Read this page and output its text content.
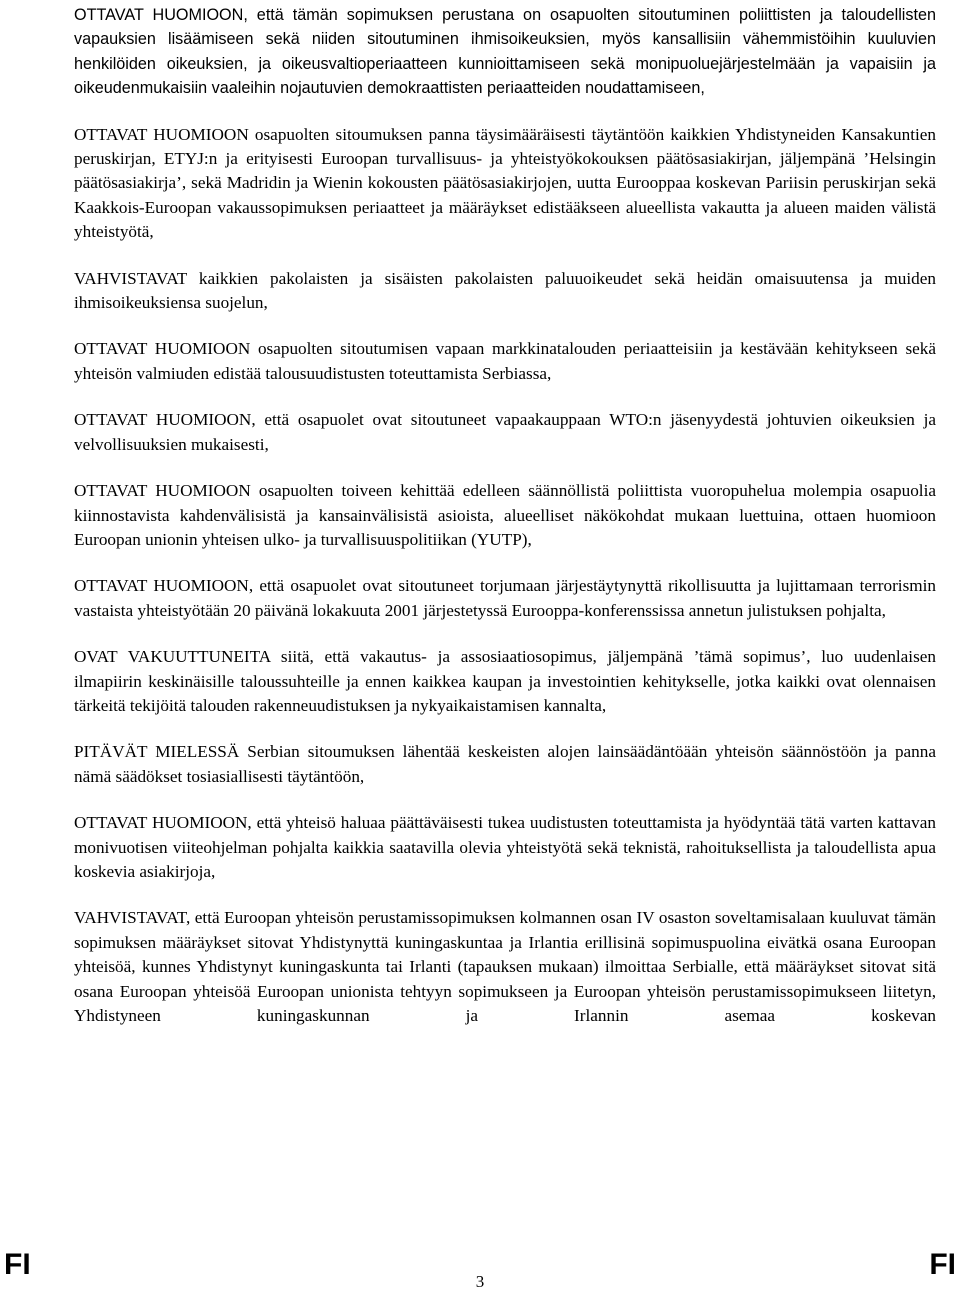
OTTAVAT HUOMIOON, että tämän sopimuksen perustana on osapuolten sitoutuminen poliittisten ja taloudellisten vapauksien lisäämiseen sekä niiden sitoutuminen ihmisoikeuksien, myös kansallisiin vähemmistöihin kuuluvien henkilöiden oikeuksien, ja oikeusvaltioperiaatteen kunnioittamiseen sekä monipuoluejärjestelmään ja vapaisiin ja oikeudenmukaisiin vaaleihin nojautuvien demokraattisten periaatteiden noudattamiseen,

OTTAVAT HUOMIOON osapuolten sitoumuksen panna täysimääräisesti täytäntöön kaikkien Yhdistyneiden Kansakuntien peruskirjan, ETYJ:n ja erityisesti Euroopan turvallisuus- ja yhteistyökokouksen päätösasiakirjan, jäljempänä ’Helsingin päätösasiakirja’, sekä Madridin ja Wienin kokousten päätösasiakirjojen, uutta Eurooppaa koskevan Pariisin peruskirjan sekä Kaakkois-Euroopan vakaussopimuksen periaatteet ja määräykset edistääkseen alueellista vakautta ja alueen maiden välistä yhteistyötä,

VAHVISTAVAT kaikkien pakolaisten ja sisäisten pakolaisten paluuoikeudet sekä heidän omaisuutensa ja muiden ihmisoikeuksiensa suojelun,

OTTAVAT HUOMIOON osapuolten sitoutumisen vapaan markkinatalouden periaatteisiin ja kestävään kehitykseen sekä yhteisön valmiuden edistää talousuudistusten toteuttamista Serbiassa,

OTTAVAT HUOMIOON, että osapuolet ovat sitoutuneet vapaakauppaan WTO:n jäsenyydestä johtuvien oikeuksien ja velvollisuuksien mukaisesti,

OTTAVAT HUOMIOON osapuolten toiveen kehittää edelleen säännöllistä poliittista vuoropuhelua molempia osapuolia kiinnostavista kahdenvälisistä ja kansainvälisistä asioista, alueelliset näkökohdat mukaan luettuina, ottaen huomioon Euroopan unionin yhteisen ulko- ja turvallisuuspolitiikan (YUTP),

OTTAVAT HUOMIOON, että osapuolet ovat sitoutuneet torjumaan järjestäytynyttä rikollisuutta ja lujittamaan terrorismin vastaista yhteistyötään 20 päivänä lokakuuta 2001 järjestetyssä Eurooppa-konferenssissa annetun julistuksen pohjalta,

OVAT VAKUUTTUNEITA siitä, että vakautus- ja assosiaatiosopimus, jäljempänä ’tämä sopimus’, luo uudenlaisen ilmapiirin keskinäisille taloussuhteille ja ennen kaikkea kaupan ja investointien kehitykselle, jotka kaikki ovat olennaisen tärkeitä tekijöitä talouden rakenneuudistuksen ja nykyaikaistamisen kannalta,

PITÄVÄT MIELESSÄ Serbian sitoumuksen lähentää keskeisten alojen lainsäädäntöään yhteisön säännöstöön ja panna nämä säädökset tosiasiallisesti täytäntöön,

OTTAVAT HUOMIOON, että yhteisö haluaa päättäväisesti tukea uudistusten toteuttamista ja hyödyntää tätä varten kattavan monivuotisen viiteohjelman pohjalta kaikkia saatavilla olevia yhteistyötä sekä teknistä, rahoituksellista ja taloudellista apua koskevia asiakirjoja,

VAHVISTAVAT, että Euroopan yhteisön perustamissopimuksen kolmannen osan IV osaston soveltamisalaan kuuluvat tämän sopimuksen määräykset sitovat Yhdistynyttä kuningaskuntaa ja Irlantia erillisinä sopimuspuolina eivätkä osana Euroopan yhteisöä, kunnes Yhdistynyt kuningaskunta tai Irlanti (tapauksen mukaan) ilmoittaa Serbialle, että määräykset sitovat sitä osana Euroopan yhteisöä Euroopan unionista tehtyyn sopimukseen ja Euroopan yhteisön perustamissopimukseen liitetyn, Yhdistyneen kuningaskunnan ja Irlannin asemaa koskevan

FI
3
FI
